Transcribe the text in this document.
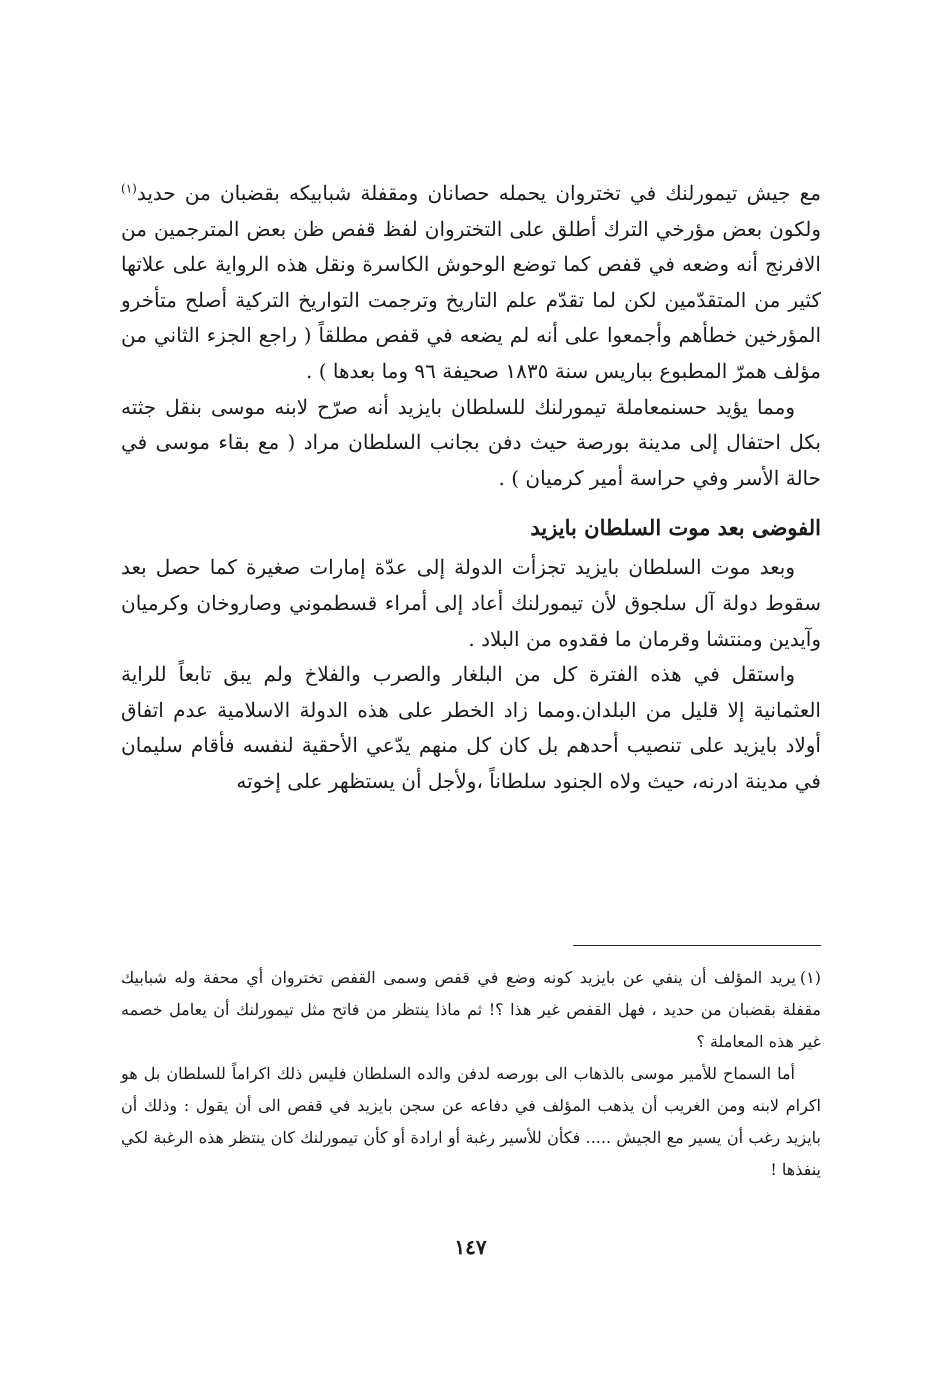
مع جيش تيمورلنك في تختروان يحمله حصانان ومقفلة شبابيكه بقضبان من حديد$^{(١)}$ ولكون بعض مؤرخي الترك أطلق على التختروان لفظ قفص ظن بعض المترجمين من الافرنج أنه وضعه في قفص كما توضع الوحوش الكاسرة ونقل هذه الرواية على علاتها كثير من المتقدّمين لكن لما تقدّم علم التاريخ وترجمت التواريخ التركية أصلح متأخرو المؤرخين خطأهم وأجمعوا على أنه لم يضعه في قفص مطلقاً ( راجع الجزء الثاني من مؤلف همرّ المطبوع بباريس سنة ١٨٣٥ صحيفة ٩٦ وما بعدها ) .

ومما يؤيد حسنمعاملة تيمورلنك للسلطان بايزيد أنه صرّح لابنه موسى بنقل جثته بكل احتفال إلى مدينة بورصة حيث دفن بجانب السلطان مراد ( مع بقاء موسى في حالة الأسر وفي حراسة أمير كرميان ) .

الفوضى بعد موت السلطان بايزيد

وبعد موت السلطان بايزيد تجزأت الدولة إلى عدّة إمارات صغيرة كما حصل بعد سقوط دولة آل سلجوق لأن تيمورلنك أعاد إلى أمراء قسطموني وصاروخان وكرميان وآيدين ومنتشا وقرمان ما فقدوه من البلاد .

واستقل في هذه الفترة كل من البلغار والصرب والفلاخ ولم يبق تابعاً للراية العثمانية إلا قليل من البلدان.ومما زاد الخطر على هذه الدولة الاسلامية عدم اتفاق أولاد بايزيد على تنصيب أحدهم بل كان كل منهم يدّعي الأحقية لنفسه فأقام سليمان في مدينة ادرنه، حيث ولاه الجنود سلطاناً ،ولأجل أن يستظهر على إخوته

(١)يريد المؤلف أن ينفي عن بايزيد كونه وضع في قفص وسمى القفص تختروان أي محفة وله شبابيك مقفلة بقضبان من حديد ، فهل القفص غير هذا ؟! ثم ماذا ينتظر من فاتح مثل تيمورلنك أن يعامل خصمه غير هذه المعاملة ؟

أما السماح للأمير موسى بالذهاب الى بورصه لدفن والده السلطان فليس ذلك اكراماً للسلطان بل هو اكرام لابنه ومن الغريب أن يذهب المؤلف في دفاعه عن سجن بايزيد في قفص الى أن يقول : وذلك أن بايزيد رغب أن يسير مع الجيش ..... فكأن للأسير رغبة أو ارادة أو كأن تيمورلنك كان ينتظر هذه الرغبة لكي ينفذها !

١٤٧
